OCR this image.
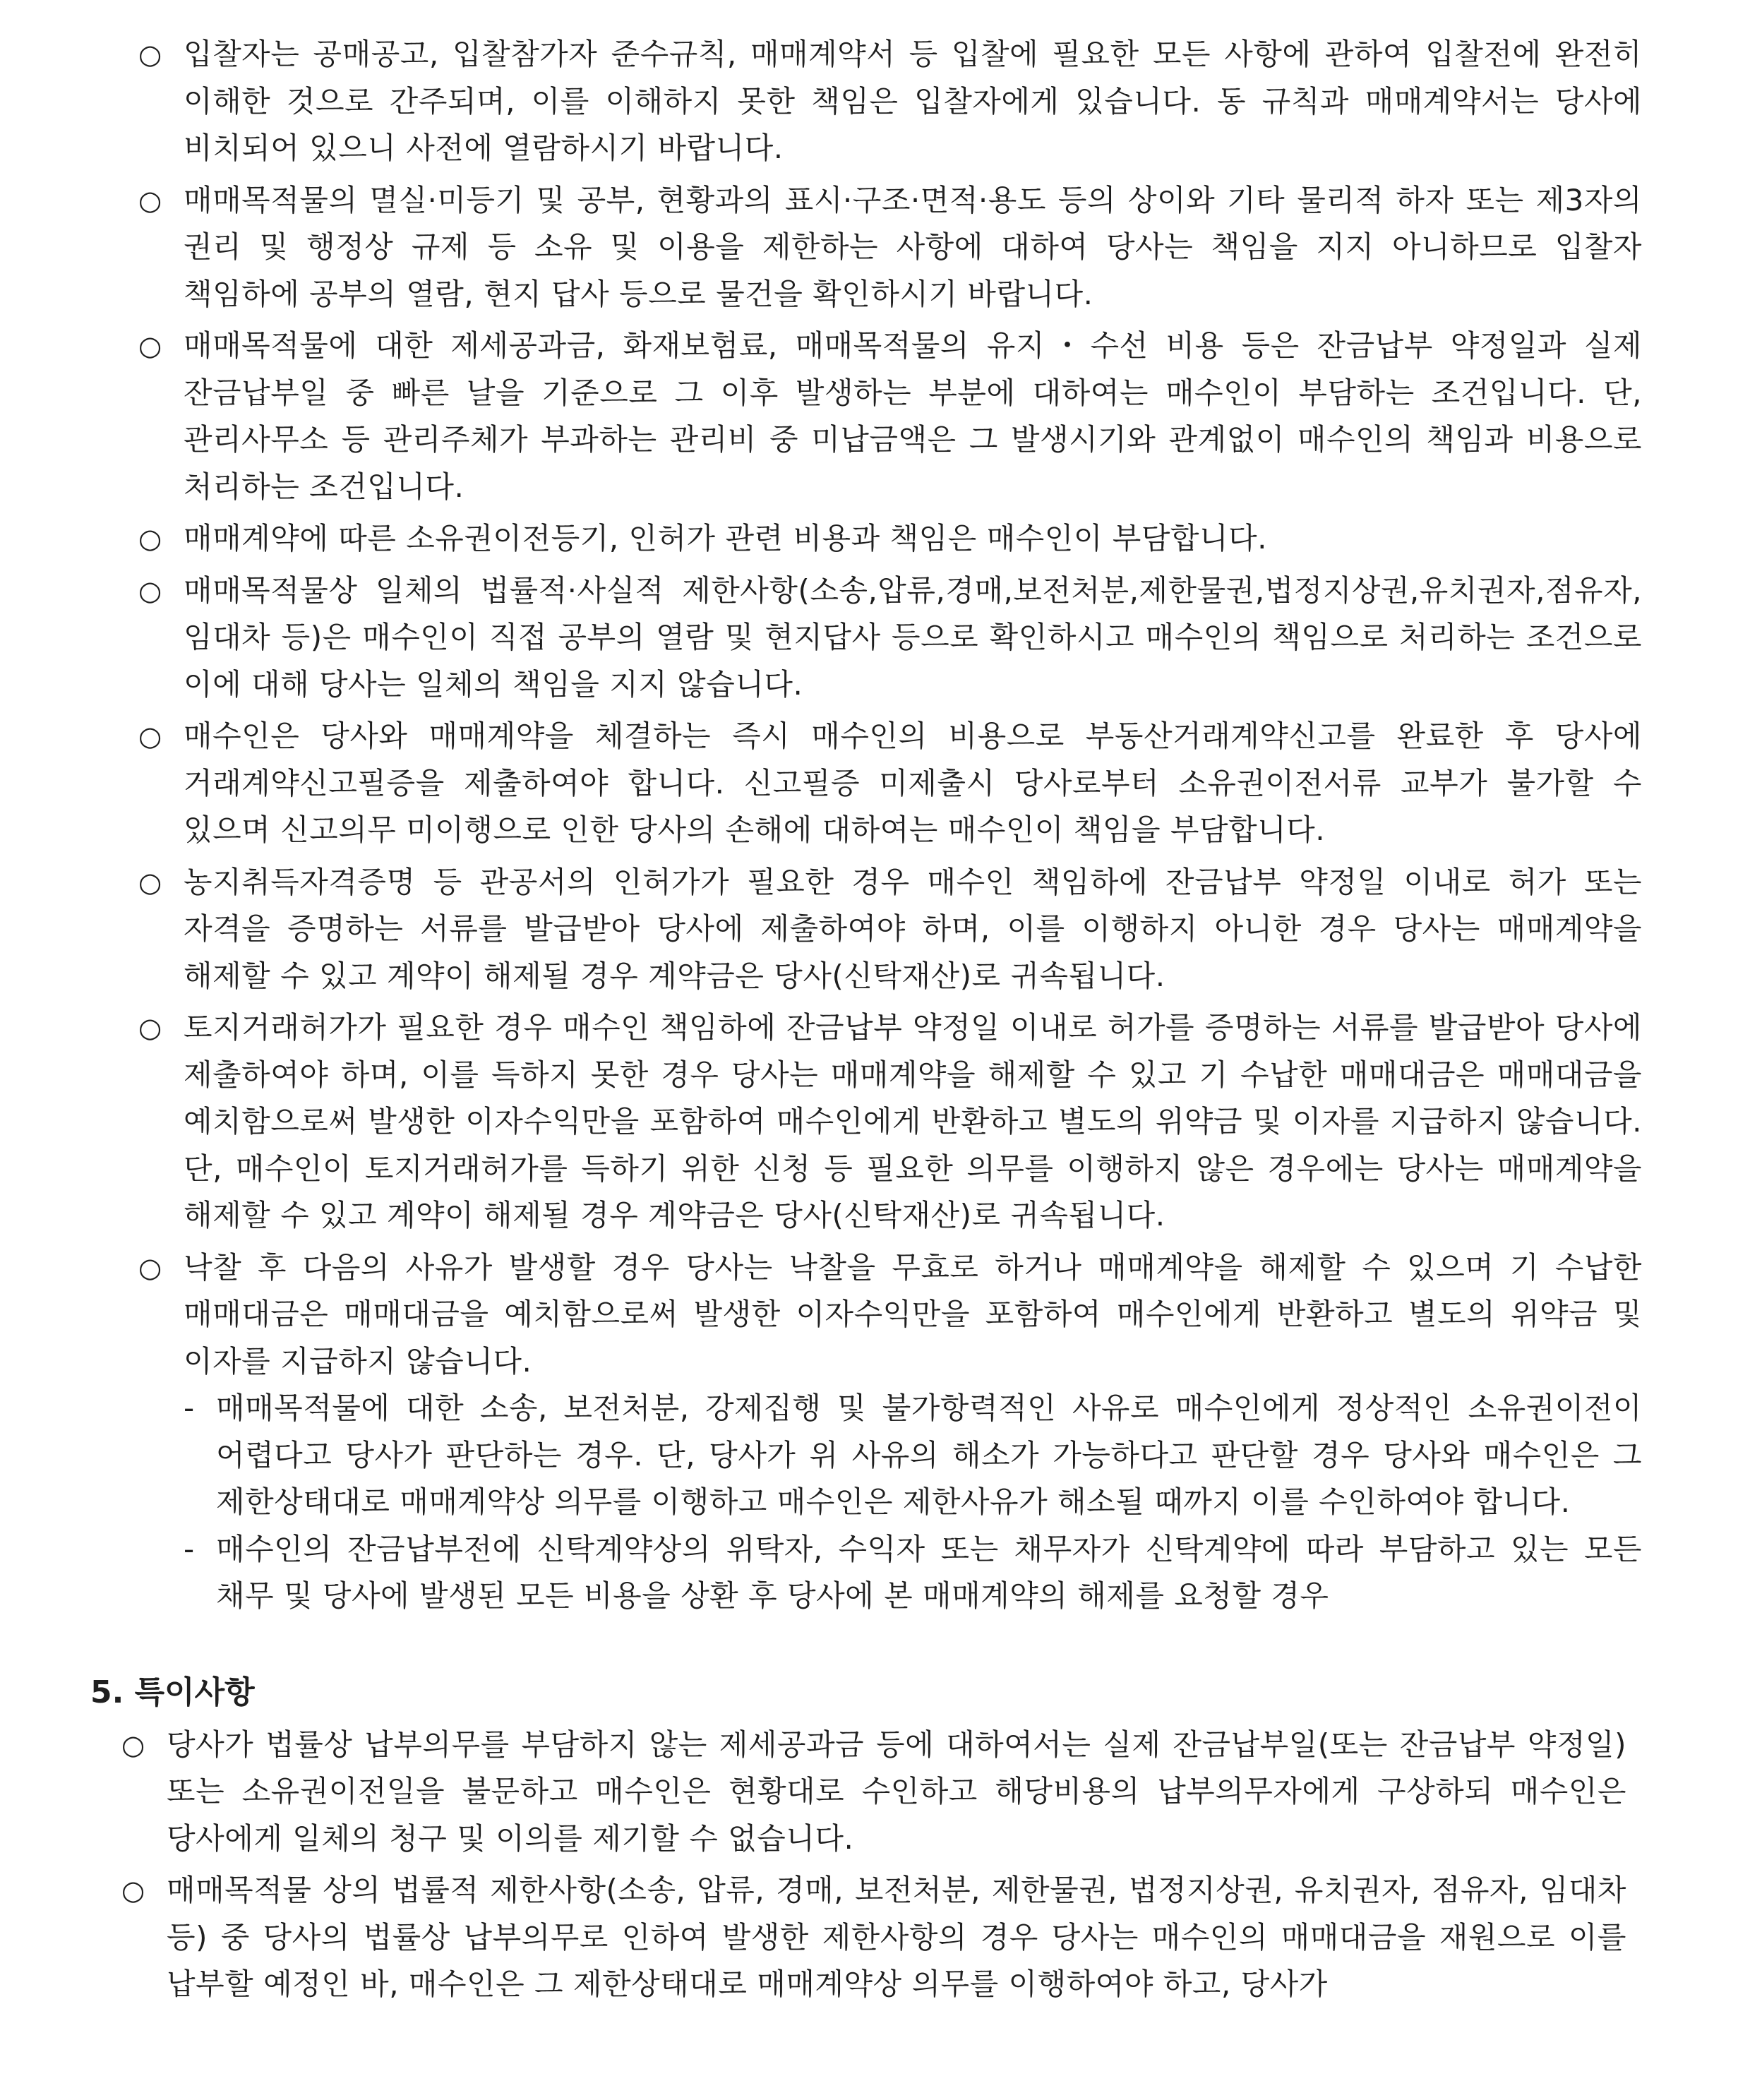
○ 입찰자는 공매공고, 입찰참가자 준수규칙, 매매계약서 등 입찰에 필요한 모든 사항에 관하여 입찰전에 완전히 이해한 것으로 간주되며, 이를 이해하지 못한 책임은 입찰자에게 있습니다. 동 규칙과 매매계약서는 당사에 비치되어 있으니 사전에 열람하시기 바랍니다.
○ 매매목적물의 멸실·미등기 및 공부, 현황과의 표시·구조·면적·용도 등의 상이와 기타 물리적 하자 또는 제3자의 권리 및 행정상 규제 등 소유 및 이용을 제한하는 사항에 대하여 당사는 책임을 지지 아니하므로 입찰자 책임하에 공부의 열람, 현지 답사 등으로 물건을 확인하시기 바랍니다.
○ 매매목적물에 대한 제세공과금, 화재보험료, 매매목적물의 유지・수선 비용 등은 잔금납부 약정일과 실제 잔금납부일 중 빠른 날을 기준으로 그 이후 발생하는 부분에 대하여는 매수인이 부담하는 조건입니다. 단, 관리사무소 등 관리주체가 부과하는 관리비 중 미납금액은 그 발생시기와 관계없이 매수인의 책임과 비용으로 처리하는 조건입니다.
○ 매매계약에 따른 소유권이전등기, 인허가 관련 비용과 책임은 매수인이 부담합니다.
○ 매매목적물상 일체의 법률적·사실적 제한사항(소송,압류,경매,보전처분,제한물권,법정지상권,유치권자,점유자,임대차 등)은 매수인이 직접 공부의 열람 및 현지답사 등으로 확인하시고 매수인의 책임으로 처리하는 조건으로 이에 대해 당사는 일체의 책임을 지지 않습니다.
○ 매수인은 당사와 매매계약을 체결하는 즉시 매수인의 비용으로 부동산거래계약신고를 완료한 후 당사에 거래계약신고필증을 제출하여야 합니다. 신고필증 미제출시 당사로부터 소유권이전서류 교부가 불가할 수 있으며 신고의무 미이행으로 인한 당사의 손해에 대하여는 매수인이 책임을 부담합니다.
○ 농지취득자격증명 등 관공서의 인허가가 필요한 경우 매수인 책임하에 잔금납부 약정일 이내로 허가 또는 자격을 증명하는 서류를 발급받아 당사에 제출하여야 하며, 이를 이행하지 아니한 경우 당사는 매매계약을 해제할 수 있고 계약이 해제될 경우 계약금은 당사(신탁재산)로 귀속됩니다.
○ 토지거래허가가 필요한 경우 매수인 책임하에 잔금납부 약정일 이내로 허가를 증명하는 서류를 발급받아 당사에 제출하여야 하며, 이를 득하지 못한 경우 당사는 매매계약을 해제할 수 있고 기 수납한 매매대금은 매매대금을 예치함으로써 발생한 이자수익만을 포함하여 매수인에게 반환하고 별도의 위약금 및 이자를 지급하지 않습니다. 단, 매수인이 토지거래허가를 득하기 위한 신청 등 필요한 의무를 이행하지 않은 경우에는 당사는 매매계약을 해제할 수 있고 계약이 해제될 경우 계약금은 당사(신탁재산)로 귀속됩니다.
○ 낙찰 후 다음의 사유가 발생할 경우 당사는 낙찰을 무효로 하거나 매매계약을 해제할 수 있으며 기 수납한 매매대금은 매매대금을 예치함으로써 발생한 이자수익만을 포함하여 매수인에게 반환하고 별도의 위약금 및 이자를 지급하지 않습니다.
- 매매목적물에 대한 소송, 보전처분, 강제집행 및 불가항력적인 사유로 매수인에게 정상적인 소유권이전이 어렵다고 당사가 판단하는 경우. 단, 당사가 위 사유의 해소가 가능하다고 판단할 경우 당사와 매수인은 그 제한상태대로 매매계약상 의무를 이행하고 매수인은 제한사유가 해소될 때까지 이를 수인하여야 합니다.
- 매수인의 잔금납부전에 신탁계약상의 위탁자, 수익자 또는 채무자가 신탁계약에 따라 부담하고 있는 모든 채무 및 당사에 발생된 모든 비용을 상환 후 당사에 본 매매계약의 해제를 요청할 경우
5. 특이사항
○ 당사가 법률상 납부의무를 부담하지 않는 제세공과금 등에 대하여서는 실제 잔금납부일(또는 잔금납부 약정일) 또는 소유권이전일을 불문하고 매수인은 현황대로 수인하고 해당비용의 납부의무자에게 구상하되 매수인은 당사에게 일체의 청구 및 이의를 제기할 수 없습니다.
○ 매매목적물 상의 법률적 제한사항(소송, 압류, 경매, 보전처분, 제한물권, 법정지상권, 유치권자, 점유자, 임대차 등) 중 당사의 법률상 납부의무로 인하여 발생한 제한사항의 경우 당사는 매수인의 매매대금을 재원으로 이를 납부할 예정인 바, 매수인은 그 제한상태대로 매매계약상 의무를 이행하여야 하고, 당사가
